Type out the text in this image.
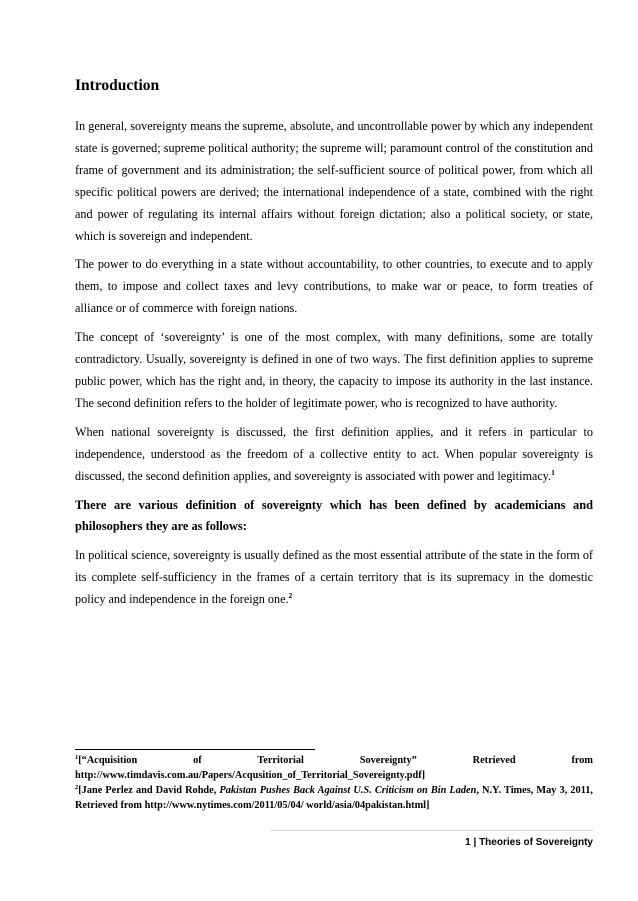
Introduction

In general, sovereignty means the supreme, absolute, and uncontrollable power by which any independent state is governed; supreme political authority; the supreme will; paramount control of the constitution and frame of government and its administration; the self-sufficient source of political power, from which all specific political powers are derived; the international independence of a state, combined with the right and power of regulating its internal affairs without foreign dictation; also a political society, or state, which is sovereign and independent.

The power to do everything in a state without accountability, to other countries, to execute and to apply them, to impose and collect taxes and levy contributions, to make war or peace, to form treaties of alliance or of commerce with foreign nations.

The concept of ‘sovereignty’ is one of the most complex, with many definitions, some are totally contradictory. Usually, sovereignty is defined in one of two ways. The first definition applies to supreme public power, which has the right and, in theory, the capacity to impose its authority in the last instance. The second definition refers to the holder of legitimate power, who is recognized to have authority.

When national sovereignty is discussed, the first definition applies, and it refers in particular to independence, understood as the freedom of a collective entity to act. When popular sovereignty is discussed, the second definition applies, and sovereignty is associated with power and legitimacy.$^1$

There are various definition of sovereignty which has been defined by academicians and philosophers they are as follows:

In political science, sovereignty is usually defined as the most essential attribute of the state in the form of its complete self-sufficiency in the frames of a certain territory that is its supremacy in the domestic policy and independence in the foreign one.$^2$

$^1$[“Acquisition of Territorial Sovereignty” Retrieved from http://www.timdavis.com.au/Papers/Acqusition_of_Territorial_Sovereignty.pdf]

$^2$[Jane Perlez and David Rohde, Pakistan Pushes Back Against U.S. Criticism on Bin Laden, N.Y. Times, May 3, 2011, Retrieved from http://www.nytimes.com/2011/05/04/ world/asia/04pakistan.html]

1 | Theories of Sovereignty
